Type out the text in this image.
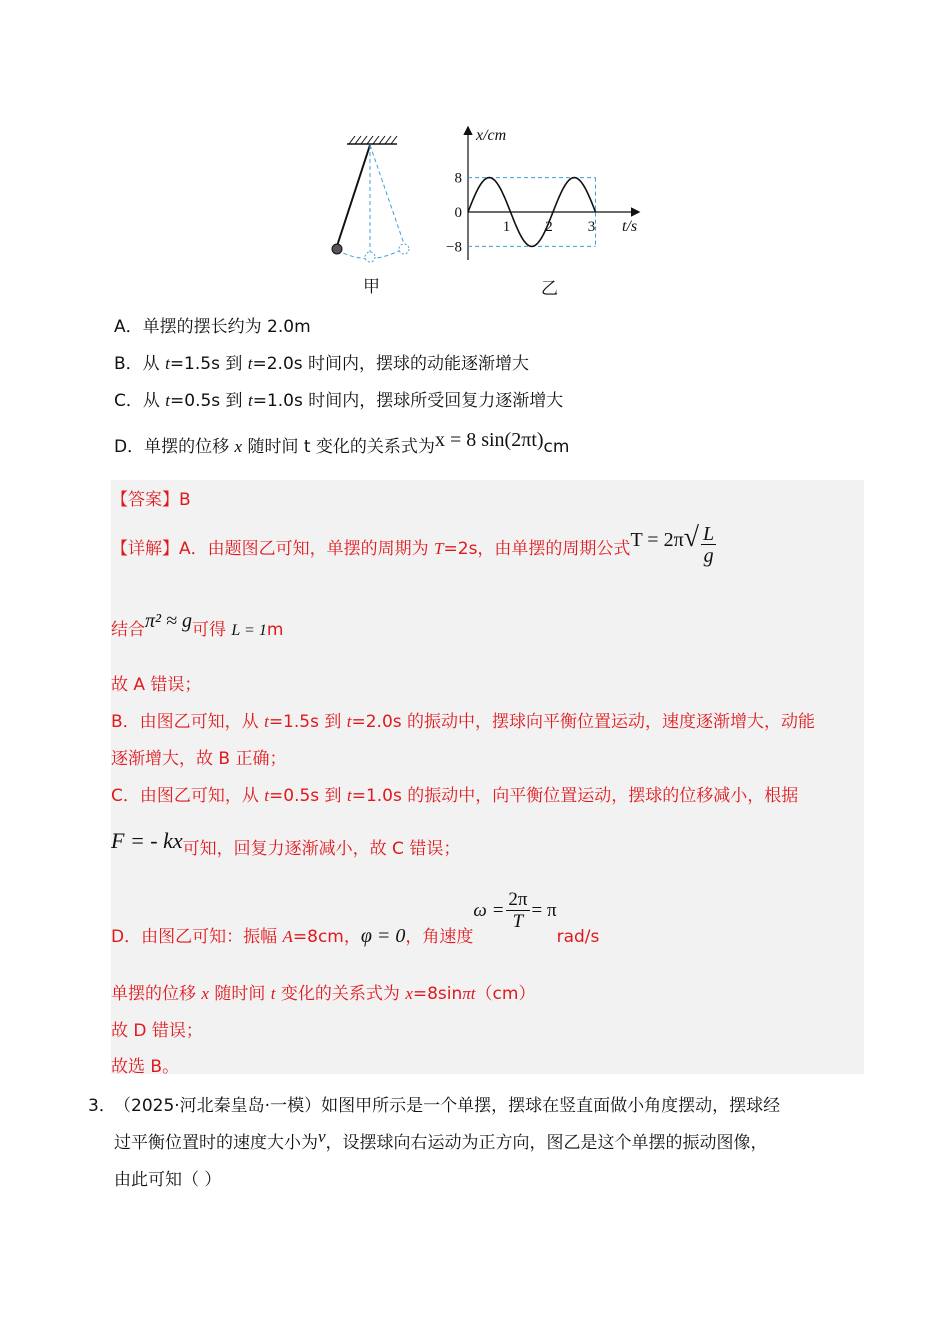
甲
8
0
−8
1 2 3
x/cm
t/s
乙
A．单摆的摆长约为 2.0m
B．从 t=1.5s 到 t=2.0s 时间内，摆球的动能逐渐增大
C．从 t=0.5s 到 t=1.0s 时间内，摆球所受回复力逐渐增大
D．单摆的位移 x 随时间 t 变化的关系式为x = 8 sin(2πt)cm
【答案】B
【详解】A．由题图乙可知，单摆的周期为 T=2s，由单摆的周期公式$T = 2\pi√ \frac{L}{g}$
结合π² ≈ g可得 L = 1m
故 A 错误；
B．由图乙可知，从 t=1.5s 到 t=2.0s 的振动中，摆球向平衡位置运动，速度逐渐增大，动能
逐渐增大，故 B 正确；
C．由图乙可知，从 t=0.5s 到 t=1.0s 的振动中，向平衡位置运动，摆球的位移减小，根据
F = - kx可知，回复力逐渐减小，故 C 错误；
D．由图乙可知：振幅 A=8cm，φ = 0，角速度$\omega = \frac{2\pi}{T} = \pi rad/s$
单摆的位移 x 随时间 t 变化的关系式为 x=8sinπt（cm）
故 D 错误；
故选 B。
3．
（2025·河北秦皇岛·一模）如图甲所示是一个单摆，摆球在竖直面做小角度摆动，摆球经
过平衡位置时的速度大小为v，设摆球向右运动为正方向，图乙是这个单摆的振动图像，
由此可知（ ）
